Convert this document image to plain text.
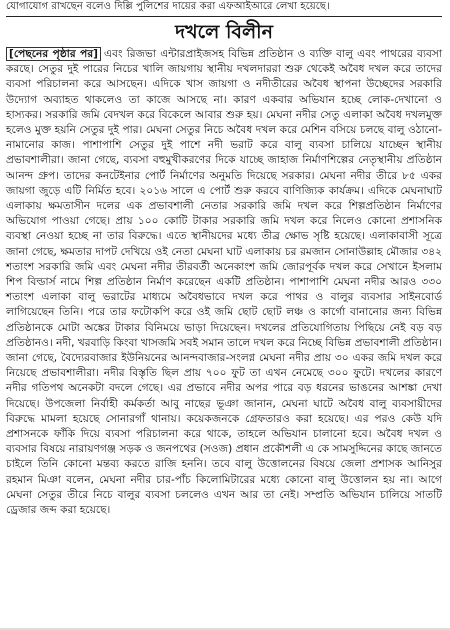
যোগাযোগ রাখছেন বলেও দিল্লি পুলিশের দায়ের করা এফআইআরে লেখা হয়েছে।

দখলে বিলীন

[পেছনের পৃষ্ঠার পর] এবং রিজভা এন্টারপ্রাইজসহ বিভিন্ন প্রতিষ্ঠান ও ব্যক্তি বালু এবং পাথরের ব্যবসা করছে। সেতুর দুই পারের নিচের খালি জায়গায় স্থানীয় দখলদাররা শুরু থেকেই অবৈধ দখল করে তাদের ব্যবসা পরিচালনা করে আসছেন। এদিকে খাস জায়গা ও নদীতীরের অবৈধ স্থাপনা উচ্ছেদের সরকারি উদ্যোগ অব্যাহত থাকলেও তা কাজে আসছে না। কারণ একবার অভিযান হচ্ছে লোক-দেখানো ও হাস্যকর। সরকারি জমি বেদখল করে বিকেলে আবার শুরু হয়। মেঘনা নদীর সেতু এলাকা অবৈধ দখলমুক্ত হলেও মুক্ত হয়নি সেতুর দুই পার। মেঘনা সেতুর নিচে অবৈধ দখল করে মেশিন বসিয়ে চলছে বালু ওঠানো-নামানোর কাজ। পাশাপাশি সেতুর দুই পাশে নদী ভরাট করে বালু ব্যবসা চালিয়ে যাচ্ছেন স্থানীয় প্রভাবশালীরা। জানা গেছে, ব্যবসা বহুমুখীকরণের দিকে যাচ্ছে জাহাজ নির্মাণশিল্পের নেতৃস্থানীয় প্রতিষ্ঠান আনন্দ গ্রুপ। তাদের কনটেইনার পোর্ট নির্মাণের অনুমতি দিয়েছে সরকার। মেঘনা নদীর তীরে ৮৫ একর জায়গা জুড়ে এটি নির্মিত হবে। ২০১৬ সালে এ পোর্ট শুরু করবে বাণিজ্যিক কার্যক্রম। এদিকে মেঘনাঘাট এলাকায় ক্ষমতাসীন দলের এক প্রভাবশালী নেতার সরকারি জমি দখল করে শিল্পপ্রতিষ্ঠান নির্মাণের অভিযোগ পাওয়া গেছে। প্রায় ১০০ কোটি টাকার সরকারি জমি দখল করে নিলেও কোনো প্রশাসনিক ব্যবস্থা নেওয়া হচ্ছে না তার বিরুদ্ধে। এতে স্থানীয়দের মধ্যে তীব্র ক্ষোভ সৃষ্টি হয়েছে। এলাকাবাসী সূত্রে জানা গেছে, ক্ষমতার দাপট দেখিয়ে ওই নেতা মেঘনা ঘাট এলাকায় চর রমজান সোনাউল্লাহ মৌজার ৩৪২ শতাংশ সরকারি জমি এবং মেঘনা নদীর তীরবর্তী অনেকাংশ জমি জোরপূর্বক দখল করে সেখানে ইসলাম শিপ বিল্ডার্স নামে শিল্প প্রতিষ্ঠান নির্মাণ করেছেন একটি প্রতিষ্ঠান। পাশাপাশি মেঘনা নদীর আরও ৩৩০ শতাংশ এলাকা বালু ভরাটের মাধ্যমে অবৈধভাবে দখল করে পাথর ও বালুর ব্যবসার সাইনবোর্ড লাগিয়েছেন তিনি। পরে তার ফটোকপি করে ওই জমি ছোট ছোট লঞ্চ ও কার্গো বানানোর জন্য বিভিন্ন প্রতিষ্ঠানকে মোটা অঙ্কের টাকার বিনিময়ে ভাড়া দিয়েছেন। দখলের প্রতিযোগিতায় পিছিয়ে নেই বড় বড় প্রতিষ্ঠানও। নদী, খরবাড়ি কিংবা খাসজমি সবই সমান তালে দখল করে নিচ্ছে বিভিন্ন প্রভাবশালী প্রতিষ্ঠান। জানা গেছে, বৈদ্যেরবাজার ইউনিয়নের আনন্দবাজার-সংলগ্ন মেঘনা নদীর প্রায় ৩০ একর জমি দখল করে নিয়েছে প্রভাবশালীরা। নদীর বিস্তৃতি ছিল প্রায় ৭০০ ফুট তা এখন নেমেছে ৩০০ ফুটে। দখলের কারণে নদীর গতিপথ অনেকটা বদলে গেছে। এর প্রভাবে নদীর অপর পারে বড় ধরনের ভাঙনের আশঙ্কা দেখা দিয়েছে। উপজেলা নির্বাহী কর্মকর্তা আবু নাছের ভূঞা জানান, মেঘনা ঘাটে অবৈধ বালু ব্যবসায়ীদের বিরুদ্ধে মামলা হয়েছে সোনারগাঁ থানায়। কয়েকজনকে গ্রেফতারও করা হয়েছে। এর পরও কেউ যদি প্রশাসনকে ফাঁকি দিয়ে ব্যবসা পরিচালনা করে থাকে, তাহলে অভিযান চালানো হবে। অবৈধ দখল ও ব্যবসার বিষয়ে নারায়ণগঞ্জ সড়ক ও জনপথের (সওজ) প্রধান প্রকৌশলী এ কে সামসুদ্দিনের কাছে জানতে চাইলে তিনি কোনো মন্তব্য করতে রাজি হননি। তবে বালু উত্তোলনের বিষয়ে জেলা প্রশাসক আনিসুর রহমান মিঞা বলেন, মেঘনা নদীর চার-পাঁচ কিলোমিটারের মধ্যে কোনো বালু উত্তোলন হয় না। আগে মেঘনা সেতুর তীরে নিচে বালুর ব্যবসা চললেও এখন আর তা নেই। সম্প্রতি অভিযান চালিয়ে সাতটি ড্রেজার জব্দ করা হয়েছে।
